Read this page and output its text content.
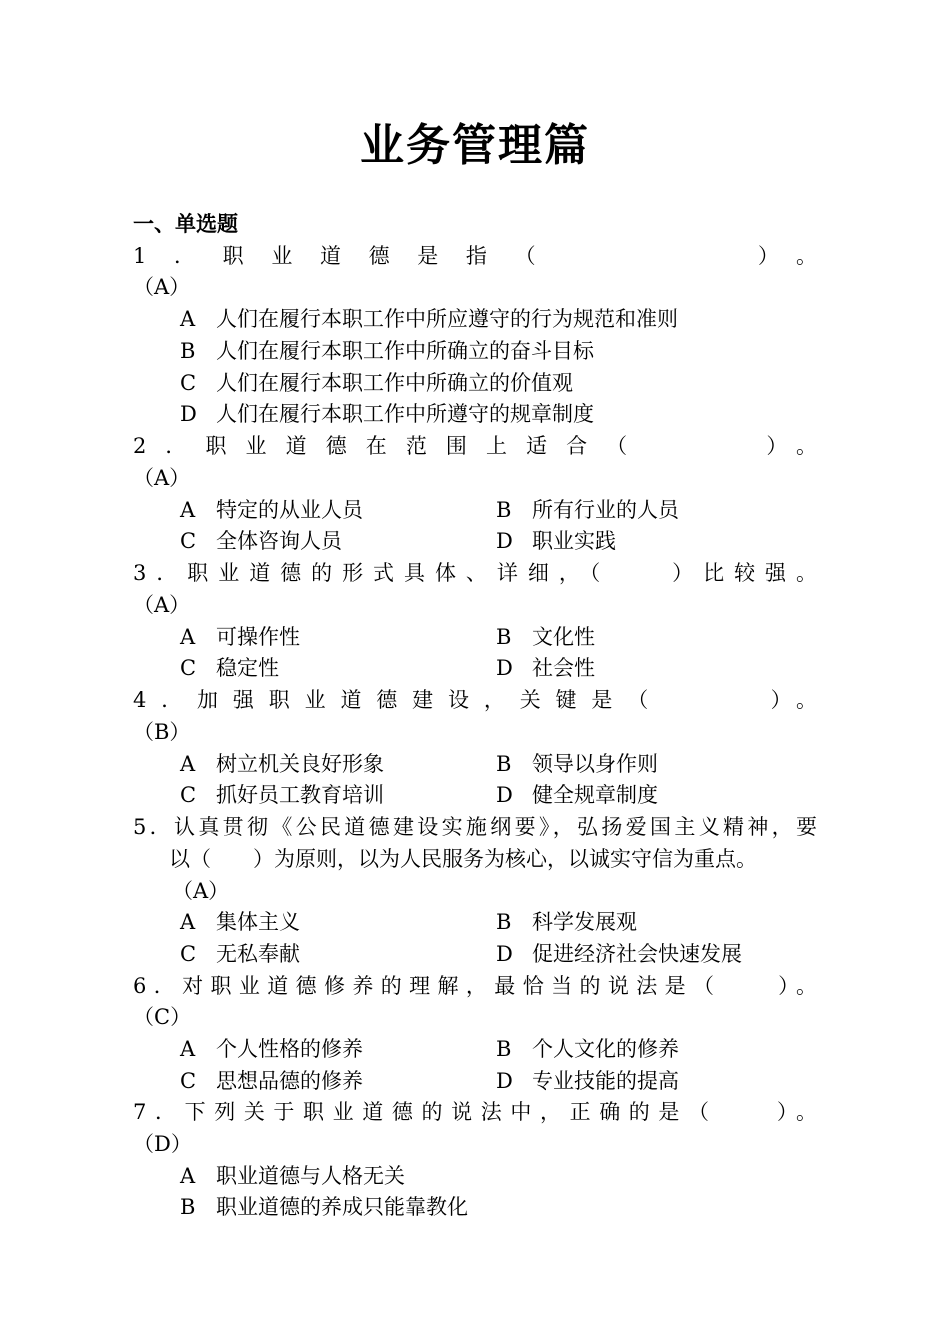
业务管理篇
一、单选题
1．职业道德是指（　　　　）。
（A）
A 人们在履行本职工作中所应遵守的行为规范和准则
B 人们在履行本职工作中所确立的奋斗目标
C 人们在履行本职工作中所确立的价值观
D 人们在履行本职工作中所遵守的规章制度
2．职业道德在范围上适合（　　　）。
（A）
A 特定的从业人员	B 所有行业的人员
C 全体咨询人员	D 职业实践
3．职业道德的形式具体、详细，（　　）比较强。
（A）
A 可操作性	B 文化性
C 稳定性	D 社会性
4．加强职业道德建设，关键是（　　　）。
（B）
A 树立机关良好形象	B 领导以身作则
C 抓好员工教育培训	D 健全规章制度
5．认真贯彻《公民道德建设实施纲要》，弘扬爱国主义精神，要
以（　　）为原则，以为人民服务为核心，以诚实守信为重点。
（A）
A 集体主义	B 科学发展观
C 无私奉献	D 促进经济社会快速发展
6．对职业道德修养的理解，最恰当的说法是（　　）。
（C）
A 个人性格的修养	B 个人文化的修养
C 思想品德的修养	D 专业技能的提高
7．下列关于职业道德的说法中，正确的是（　　）。
（D）
A 职业道德与人格无关
B 职业道德的养成只能靠教化
